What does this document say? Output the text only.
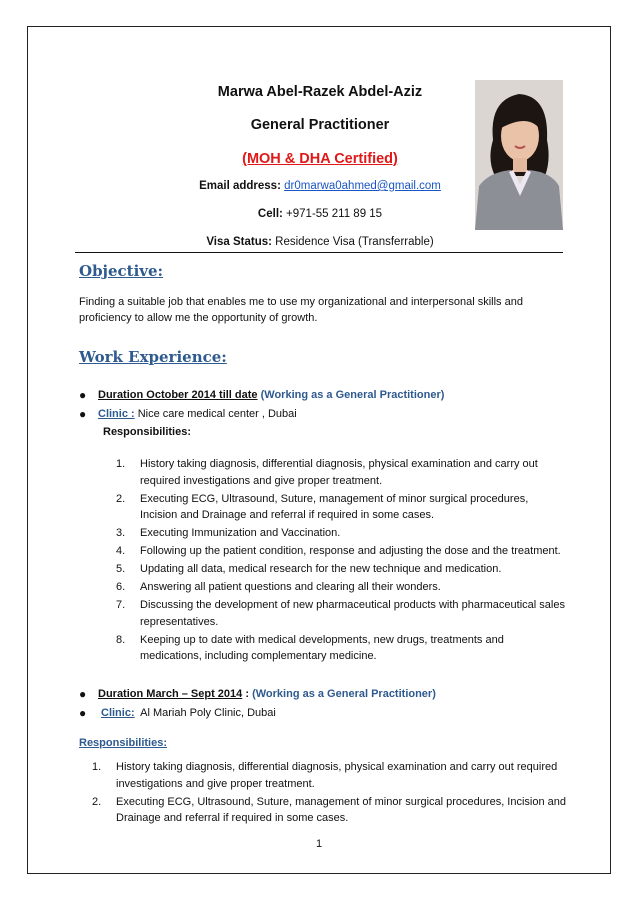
Marwa Abel-Razek Abdel-Aziz
General Practitioner
(MOH & DHA Certified)
Email address: dr0marwa0ahmed@gmail.com
Cell: +971-55 211 89 15
Visa Status: Residence Visa (Transferrable)
Objective:
Finding a suitable job that enables me to use my organizational and interpersonal skills and proficiency to allow me the opportunity of growth.
Work Experience:
● Duration October 2014 till date (Working as a General Practitioner)
● Clinic : Nice care medical center , Dubai
Responsibilities:
1. History taking diagnosis, differential diagnosis, physical examination and carry out required investigations and give proper treatment.
2. Executing ECG, Ultrasound, Suture, management of minor surgical procedures, Incision and Drainage and referral if required in some cases.
3. Executing Immunization and Vaccination.
4. Following up the patient condition, response and adjusting the dose and the treatment.
5. Updating all data, medical research for the new technique and medication.
6. Answering all patient questions and clearing all their wonders.
7. Discussing the development of new pharmaceutical products with pharmaceutical sales representatives.
8. Keeping up to date with medical developments, new drugs, treatments and medications, including complementary medicine.
● Duration March – Sept 2014 : (Working as a General Practitioner)
● Clinic: Al Mariah Poly Clinic, Dubai
Responsibilities:
1. History taking diagnosis, differential diagnosis, physical examination and carry out required investigations and give proper treatment.
2. Executing ECG, Ultrasound, Suture, management of minor surgical procedures, Incision and Drainage and referral if required in some cases.
1
